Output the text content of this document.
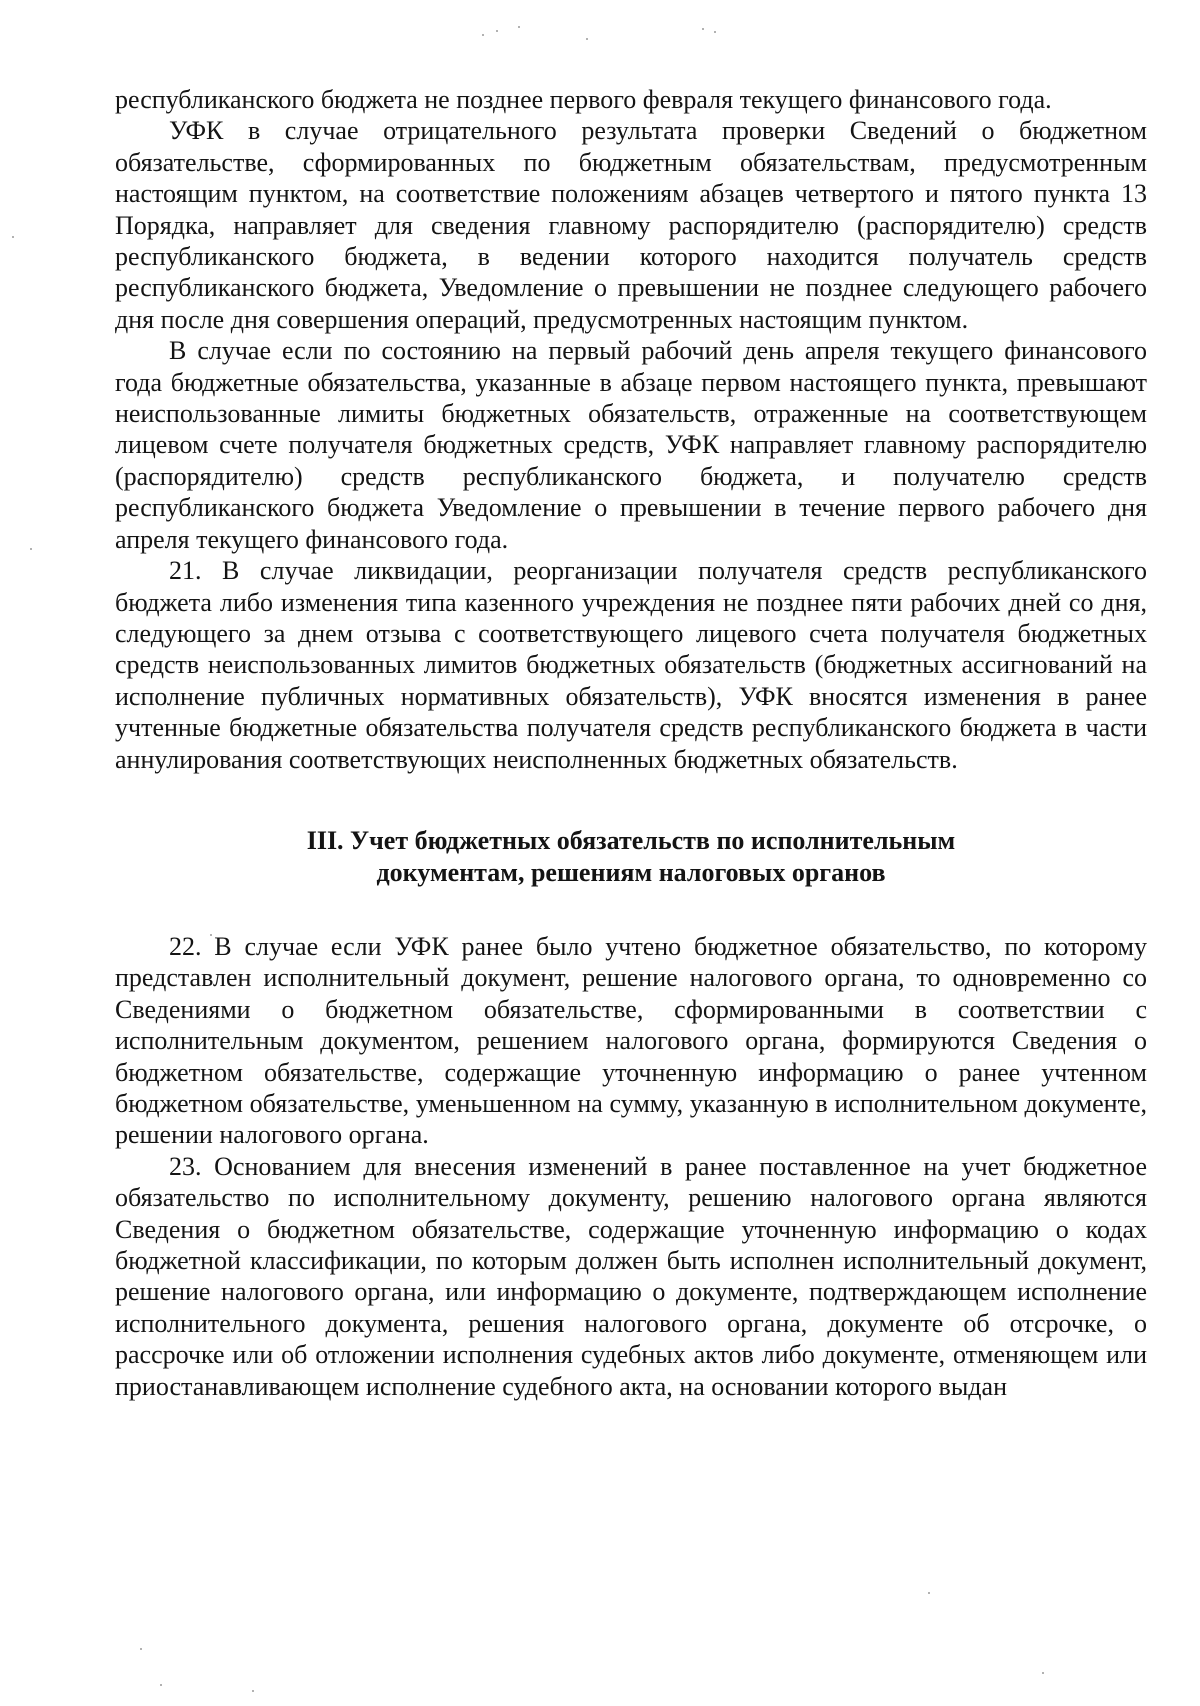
республиканского бюджета не позднее первого февраля текущего финансового года.

УФК в случае отрицательного результата проверки Сведений о бюджетном обязательстве, сформированных по бюджетным обязательствам, предусмотренным настоящим пунктом, на соответствие положениям абзацев четвертого и пятого пункта 13 Порядка, направляет для сведения главному распорядителю (распорядителю) средств республиканского бюджета, в ведении которого находится получатель средств республиканского бюджета, Уведомление о превышении не позднее следующего рабочего дня после дня совершения операций, предусмотренных настоящим пунктом.

В случае если по состоянию на первый рабочий день апреля текущего финансового года бюджетные обязательства, указанные в абзаце первом настоящего пункта, превышают неиспользованные лимиты бюджетных обязательств, отраженные на соответствующем лицевом счете получателя бюджетных средств, УФК направляет главному распорядителю (распорядителю) средств республиканского бюджета, и получателю средств республиканского бюджета Уведомление о превышении в течение первого рабочего дня апреля текущего финансового года.

21. В случае ликвидации, реорганизации получателя средств республиканского бюджета либо изменения типа казенного учреждения не позднее пяти рабочих дней со дня, следующего за днем отзыва с соответствующего лицевого счета получателя бюджетных средств неиспользованных лимитов бюджетных обязательств (бюджетных ассигнований на исполнение публичных нормативных обязательств), УФК вносятся изменения в ранее учтенные бюджетные обязательства получателя средств республиканского бюджета в части аннулирования соответствующих неисполненных бюджетных обязательств.

III. Учет бюджетных обязательств по исполнительным
документам, решениям налоговых органов

22. В случае если УФК ранее было учтено бюджетное обязательство, по которому представлен исполнительный документ, решение налогового органа, то одновременно со Сведениями о бюджетном обязательстве, сформированными в соответствии с исполнительным документом, решением налогового органа, формируются Сведения о бюджетном обязательстве, содержащие уточненную информацию о ранее учтенном бюджетном обязательстве, уменьшенном на сумму, указанную в исполнительном документе, решении налогового органа.

23. Основанием для внесения изменений в ранее поставленное на учет бюджетное обязательство по исполнительному документу, решению налогового органа являются Сведения о бюджетном обязательстве, содержащие уточненную информацию о кодах бюджетной классификации, по которым должен быть исполнен исполнительный документ, решение налогового органа, или информацию о документе, подтверждающем исполнение исполнительного документа, решения налогового органа, документе об отсрочке, о рассрочке или об отложении исполнения судебных актов либо документе, отменяющем или приостанавливающем исполнение судебного акта, на основании которого выдан
